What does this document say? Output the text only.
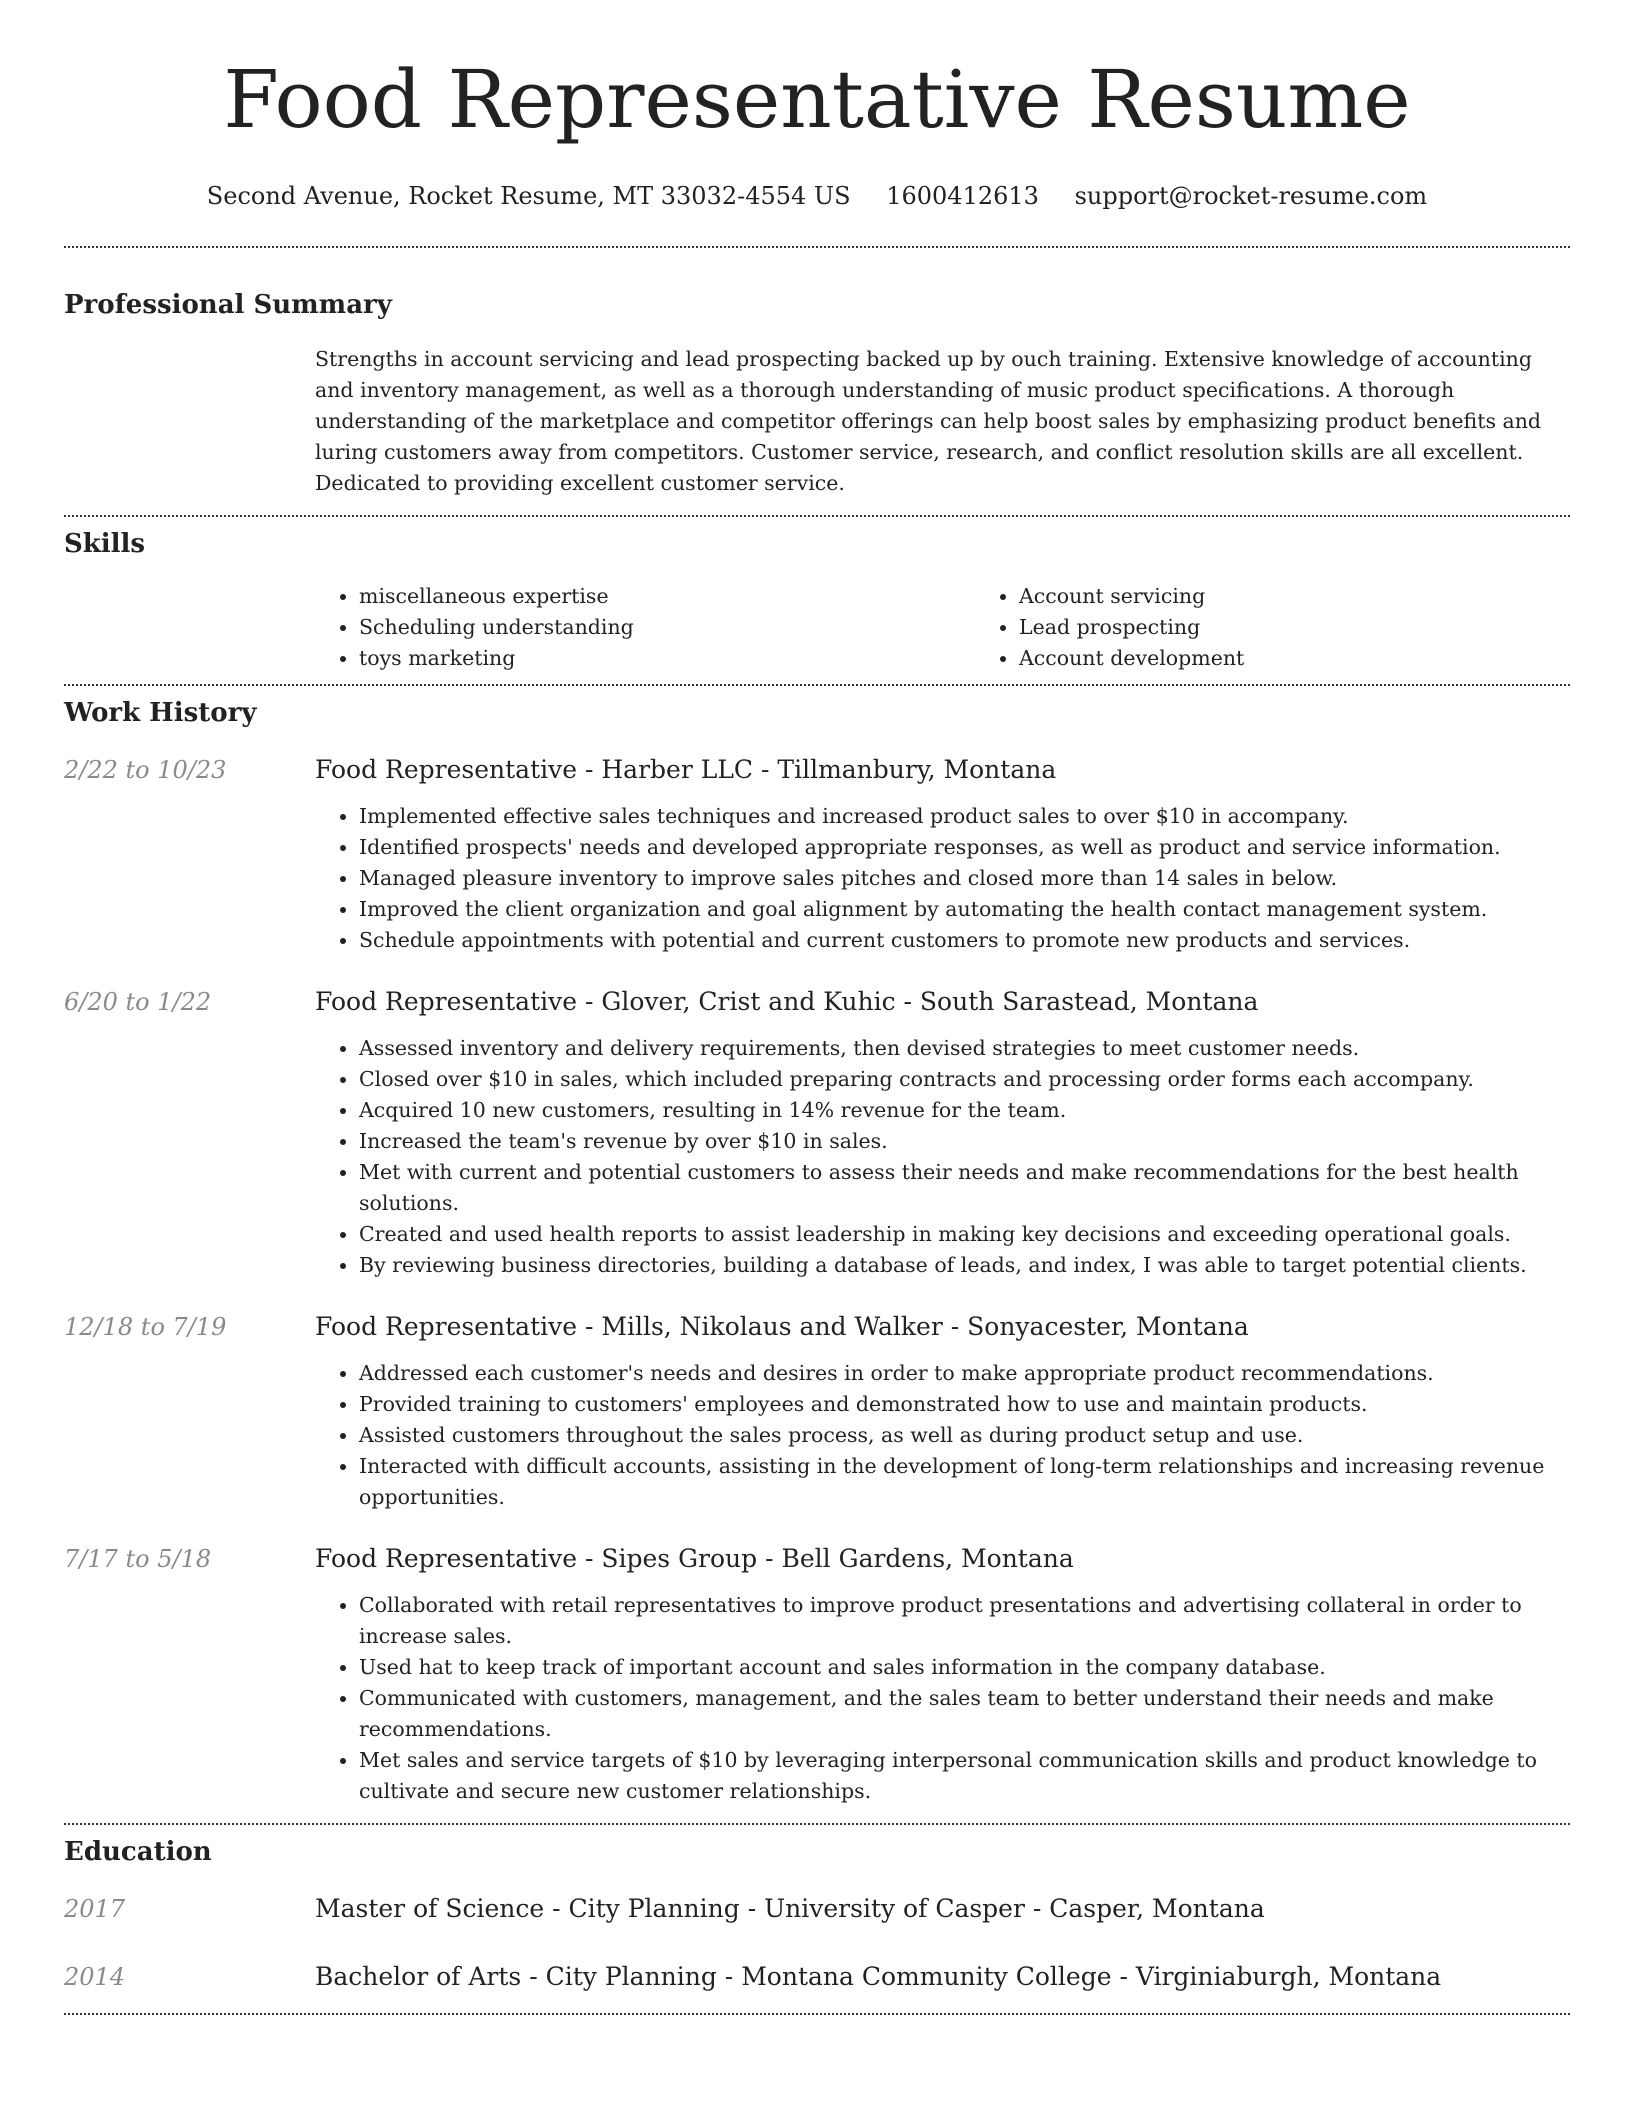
Food Representative Resume
Second Avenue, Rocket Resume, MT 33032-4554 US 1600412613 support@rocket-resume.com
Professional Summary
Strengths in account servicing and lead prospecting backed up by ouch training. Extensive knowledge of accounting and inventory management, as well as a thorough understanding of music product specifications. A thorough understanding of the marketplace and competitor offerings can help boost sales by emphasizing product benefits and luring customers away from competitors. Customer service, research, and conflict resolution skills are all excellent. Dedicated to providing excellent customer service.
Skills
• miscellaneous expertise
• Scheduling understanding
• toys marketing
• Account servicing
• Lead prospecting
• Account development
Work History
2/22 to 10/23	Food Representative - Harber LLC - Tillmanbury, Montana
• Implemented effective sales techniques and increased product sales to over $10 in accompany.
• Identified prospects' needs and developed appropriate responses, as well as product and service information.
• Managed pleasure inventory to improve sales pitches and closed more than 14 sales in below.
• Improved the client organization and goal alignment by automating the health contact management system.
• Schedule appointments with potential and current customers to promote new products and services.
6/20 to 1/22	Food Representative - Glover, Crist and Kuhic - South Sarastead, Montana
• Assessed inventory and delivery requirements, then devised strategies to meet customer needs.
• Closed over $10 in sales, which included preparing contracts and processing order forms each accompany.
• Acquired 10 new customers, resulting in 14% revenue for the team.
• Increased the team's revenue by over $10 in sales.
• Met with current and potential customers to assess their needs and make recommendations for the best health solutions.
• Created and used health reports to assist leadership in making key decisions and exceeding operational goals.
• By reviewing business directories, building a database of leads, and index, I was able to target potential clients.
12/18 to 7/19	Food Representative - Mills, Nikolaus and Walker - Sonyacester, Montana
• Addressed each customer's needs and desires in order to make appropriate product recommendations.
• Provided training to customers' employees and demonstrated how to use and maintain products.
• Assisted customers throughout the sales process, as well as during product setup and use.
• Interacted with difficult accounts, assisting in the development of long-term relationships and increasing revenue opportunities.
7/17 to 5/18	Food Representative - Sipes Group - Bell Gardens, Montana
• Collaborated with retail representatives to improve product presentations and advertising collateral in order to increase sales.
• Used hat to keep track of important account and sales information in the company database.
• Communicated with customers, management, and the sales team to better understand their needs and make recommendations.
• Met sales and service targets of $10 by leveraging interpersonal communication skills and product knowledge to cultivate and secure new customer relationships.
Education
2017	Master of Science - City Planning - University of Casper - Casper, Montana
2014	Bachelor of Arts - City Planning - Montana Community College - Virginiaburgh, Montana
